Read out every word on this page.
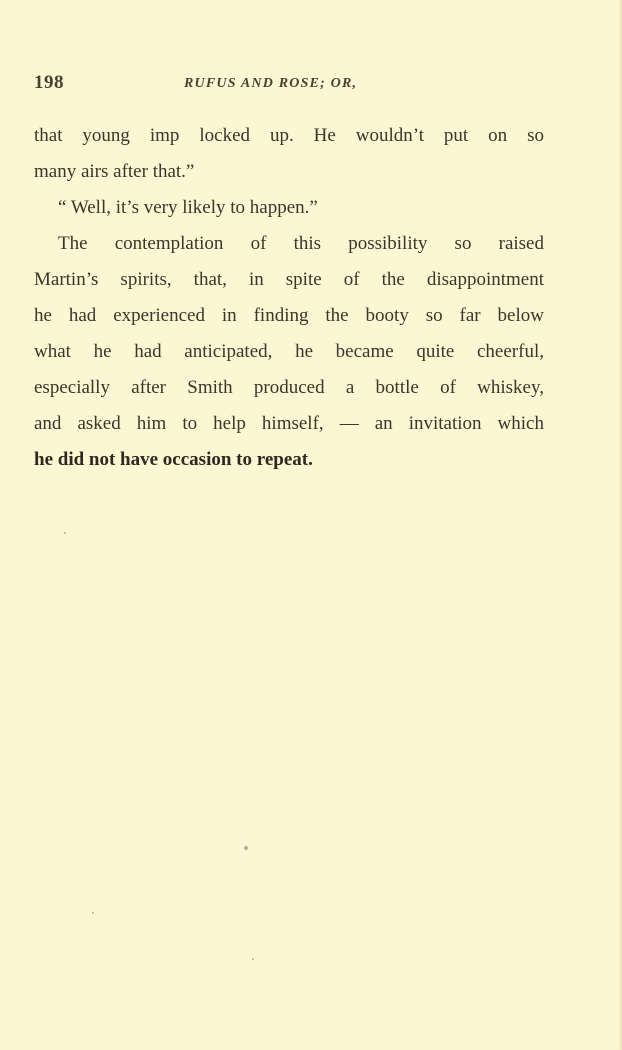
198	RUFUS AND ROSE; OR,
that young imp locked up. He wouldn’t put on so
many airs after that.”
“ Well, it’s very likely to happen.”
The contemplation of this possibility so raised
Martin’s spirits, that, in spite of the disappointment
he had experienced in finding the booty so far below
what he had anticipated, he became quite cheerful,
especially after Smith produced a bottle of whiskey,
and asked him to help himself, — an invitation which
he did not have occasion to repeat.
